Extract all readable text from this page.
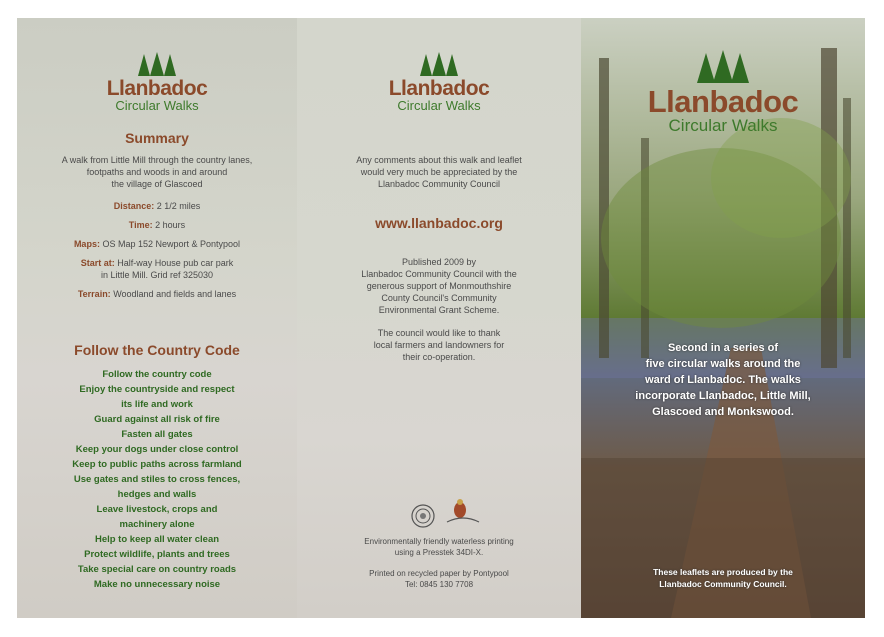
Llanbadoc
Circular Walks
Summary
A walk from Little Mill through the country lanes,
footpaths and woods in and around
the village of Glascoed
Distance: 2 1/2 miles
Time: 2 hours
Maps: OS Map 152 Newport & Pontypool
Start at: Half-way House pub car park
in Little Mill. Grid ref 325030
Terrain: Woodland and fields and lanes
Follow the Country Code
Follow the country code
Enjoy the countryside and respect
its life and work
Guard against all risk of fire
Fasten all gates
Keep your dogs under close control
Keep to public paths across farmland
Use gates and stiles to cross fences,
hedges and walls
Leave livestock, crops and
machinery alone
Help to keep all water clean
Protect wildlife, plants and trees
Take special care on country roads
Make no unnecessary noise
Llanbadoc
Circular Walks
Any comments about this walk and leaflet
would very much be appreciated by the
Llanbadoc Community Council
www.llanbadoc.org
Published 2009 by
Llanbadoc Community Council with the
generous support of Monmouthshire
County Council's Community
Environmental Grant Scheme.
The council would like to thank
local farmers and landowners for
their co-operation.
Environmentally friendly waterless printing
using a Presstek 34DI-X.
Printed on recycled paper by Pontypool
Tel: 0845 130 7708
Llanbadoc
Circular Walks
Second in a series of
five circular walks around the
ward of Llanbadoc. The walks
incorporate Llanbadoc, Little Mill,
Glascoed and Monkswood.
These leaflets are produced by the
Llanbadoc Community Council.
